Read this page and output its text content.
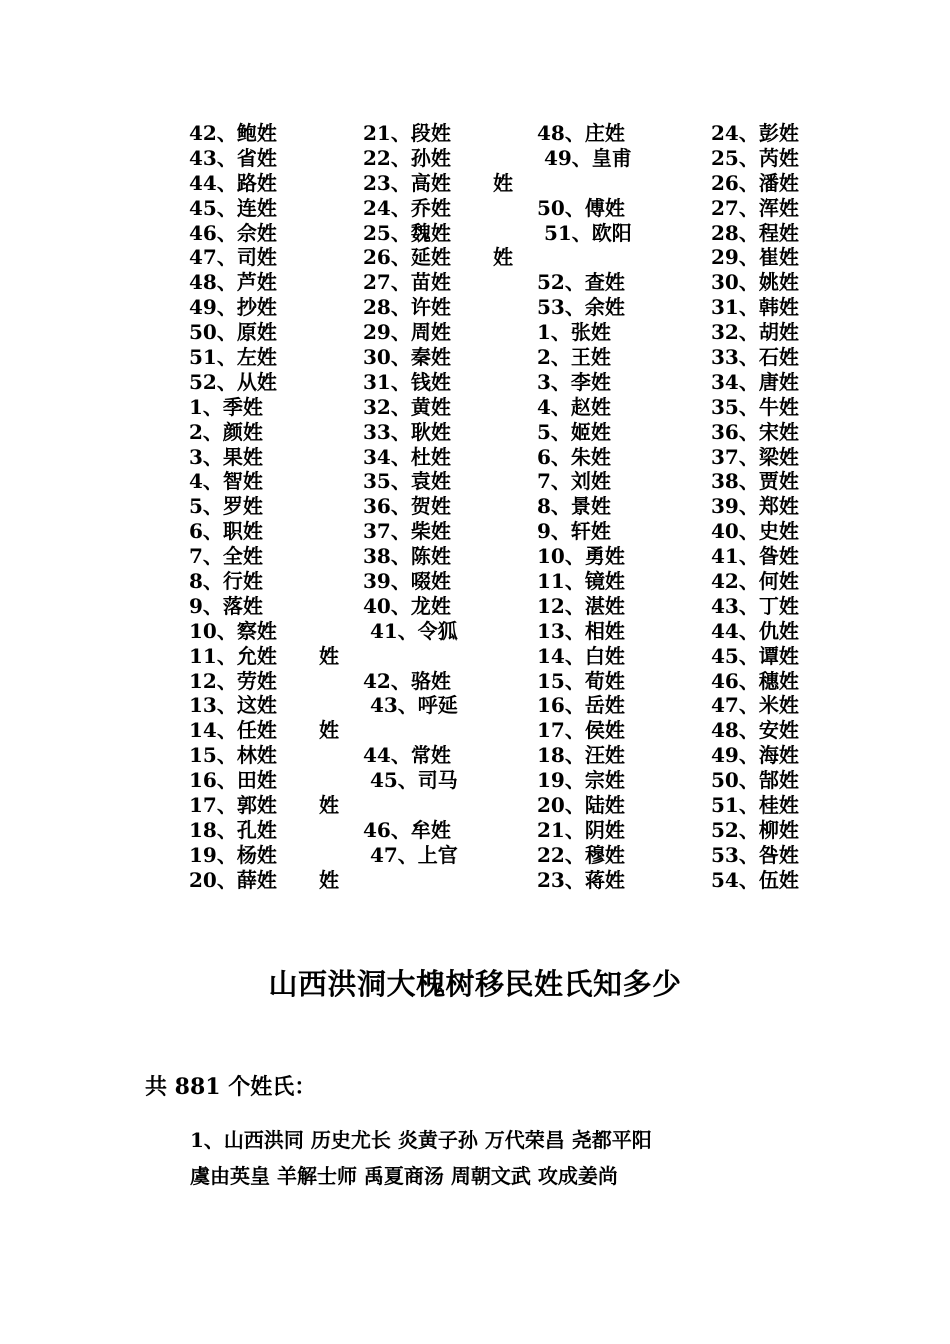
42、鲍姓
43、省姓
44、路姓
45、连姓
46、佘姓
47、司姓
48、芦姓
49、抄姓
50、原姓
51、左姓
52、从姓
1、季姓
2、颜姓
3、果姓
4、智姓
5、罗姓
6、职姓
7、全姓
8、行姓
9、落姓
10、察姓
11、允姓 姓
12、劳姓
13、这姓
14、任姓 姓
15、林姓
16、田姓
17、郭姓 姓
18、孔姓
19、杨姓
20、薛姓 姓
21、段姓
22、孙姓
23、高姓 姓
24、乔姓
25、魏姓
26、延姓 姓
27、苗姓
28、许姓
29、周姓
30、秦姓
31、钱姓
32、黄姓
33、耿姓
34、杜姓
35、袁姓
36、贺姓
37、柴姓
38、陈姓
39、啜姓
40、龙姓
41、令狐
42、骆姓
43、呼延
44、常姓
45、司马
46、牟姓
47、上官
48、庄姓
49、皇甫
50、傅姓
51、欧阳
52、查姓
53、余姓
1、张姓
2、王姓
3、李姓
4、赵姓
5、姬姓
6、朱姓
7、刘姓
8、景姓
9、轩姓
10、勇姓
11、镜姓
12、湛姓
13、相姓
14、白姓
15、荀姓
16、岳姓
17、侯姓
18、汪姓
19、宗姓
20、陆姓
21、阴姓
22、穆姓
23、蒋姓
24、彭姓
25、芮姓
26、潘姓
27、浑姓
28、程姓
29、崔姓
30、姚姓
31、韩姓
32、胡姓
33、石姓
34、唐姓
35、牛姓
36、宋姓
37、梁姓
38、贾姓
39、郑姓
40、史姓
41、昝姓
42、何姓
43、丁姓
44、仇姓
45、谭姓
46、穗姓
47、米姓
48、安姓
49、海姓
50、郜姓
51、桂姓
52、柳姓
53、咎姓
54、伍姓
山西洪洞大槐树移民姓氏知多少
共 881 个姓氏：
1、山西洪同 历史尤长 炎黄子孙 万代荣昌 尧都平阳
虞由英皇 羊解士师 禹夏商汤 周朝文武 攻成姜尚
